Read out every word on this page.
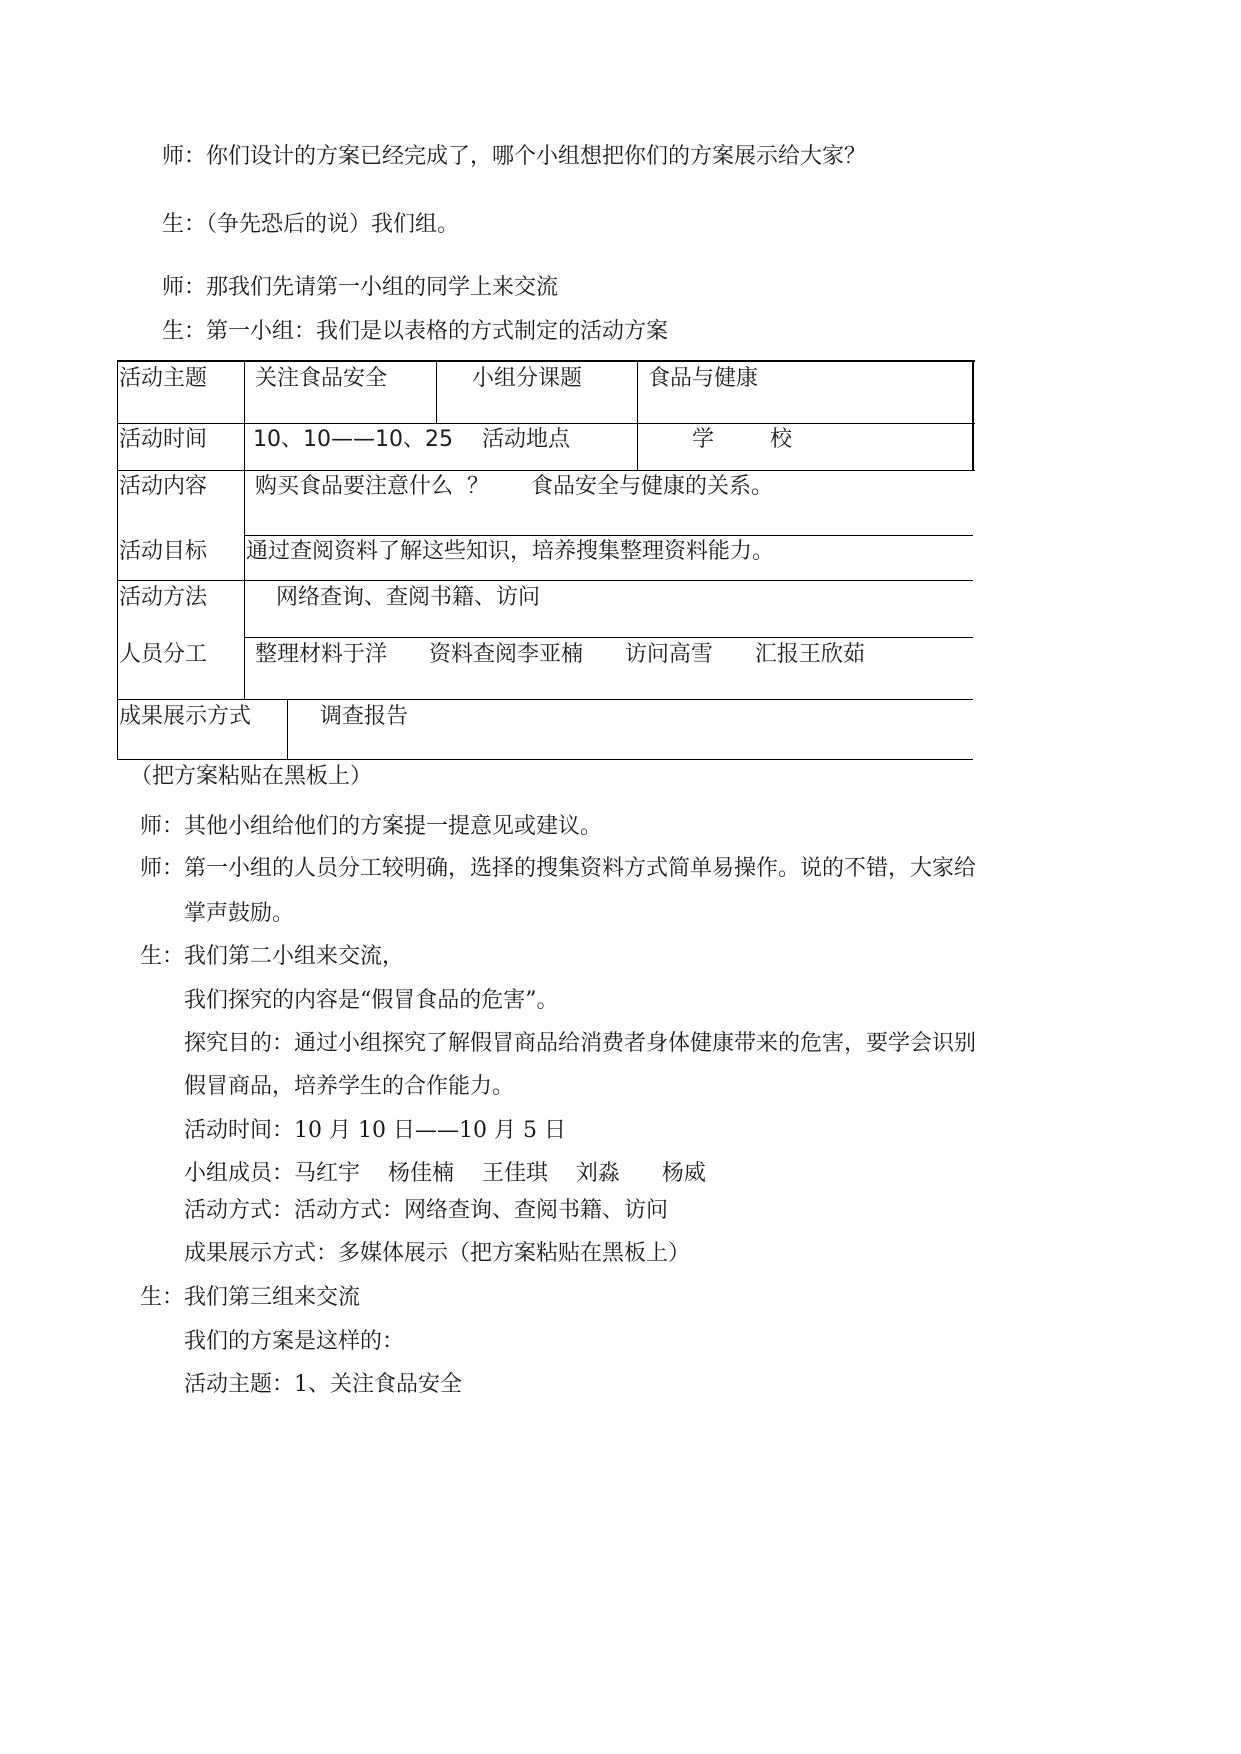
师：你们设计的方案已经完成了，哪个小组想把你们的方案展示给大家？
生：（争先恐后的说）我们组。
师：那我们先请第一小组的同学上来交流
生：第一小组：我们是以表格的方式制定的活动方案
活动主题 关注食品安全	小组分课题	食品与健康
活动时间 10、10——10、25 活动地点	学        校
活动内容 购买食品要注意什么  ？      食品安全与健康的关系。
活动目标 通过查阅资料了解这些知识，培养搜集整理资料能力。
活动方法	网络查询、查阅书籍、访问
人员分工 整理材料于洋      资料查阅李亚楠      访问高雪      汇报王欣茹
成果展示方式	调查报告
（把方案粘贴在黑板上）
师：其他小组给他们的方案提一提意见或建议。
师：第一小组的人员分工较明确，选择的搜集资料方式简单易操作。说的不错，大家给
掌声鼓励。
生：我们第二小组来交流，
我们探究的内容是“假冒食品的危害”。
探究目的：通过小组探究了解假冒商品给消费者身体健康带来的危害，要学会识别
假冒商品，培养学生的合作能力。
活动时间：10 月 10 日——10 月 5 日
小组成员：马红宇    杨佳楠    王佳琪    刘淼      杨威
活动方式：活动方式：网络查询、查阅书籍、访问
成果展示方式：多媒体展示（把方案粘贴在黑板上）
生：我们第三组来交流
我们的方案是这样的：
活动主题：1、关注食品安全
